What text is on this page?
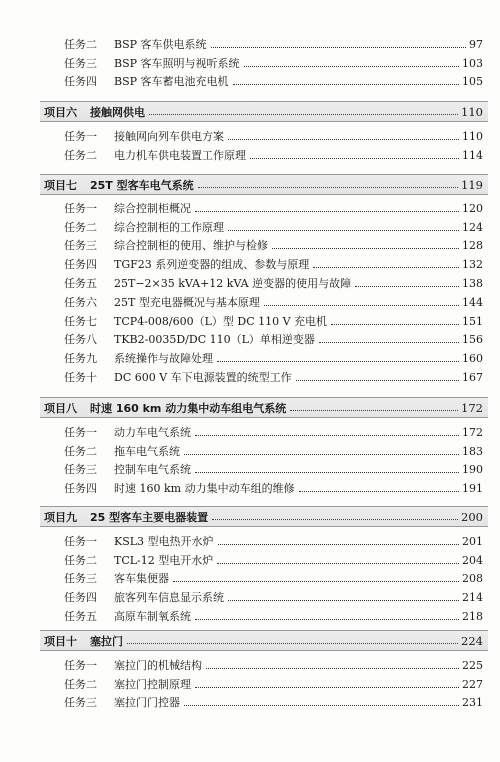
任务二	BSP 客车供电系统	97
任务三	BSP 客车照明与视听系统	103
任务四	BSP 客车蓄电池充电机	105
项目六	接触网供电	110
任务一	接触网向列车供电方案	110
任务二	电力机车供电装置工作原理	114
项目七	25T 型客车电气系统	119
任务一	综合控制柜概况	120
任务二	综合控制柜的工作原理	124
任务三	综合控制柜的使用、维护与检修	128
任务四	TGF23 系列逆变器的组成、参数与原理	132
任务五	25T−2×35 kVA+12 kVA 逆变器的使用与故障	138
任务六	25T 型充电器概况与基本原理	144
任务七	TCP4-008/600（L）型 DC 110 V 充电机	151
任务八	TKB2-0035D/DC 110（L）单相逆变器	156
任务九	系统操作与故障处理	160
任务十	DC 600 V 车下电源装置的统型工作	167
项目八	时速 160 km 动力集中动车组电气系统	172
任务一	动力车电气系统	172
任务二	拖车电气系统	183
任务三	控制车电气系统	190
任务四	时速 160 km 动力集中动车组的维修	191
项目九	25 型客车主要电器装置	200
任务一	KSL3 型电热开水炉	201
任务二	TCL-12 型电开水炉	204
任务三	客车集便器	208
任务四	旅客列车信息显示系统	214
任务五	高原车制氧系统	218
项目十	塞拉门	224
任务一	塞拉门的机械结构	225
任务二	塞拉门控制原理	227
任务三	塞拉门门控器	231
